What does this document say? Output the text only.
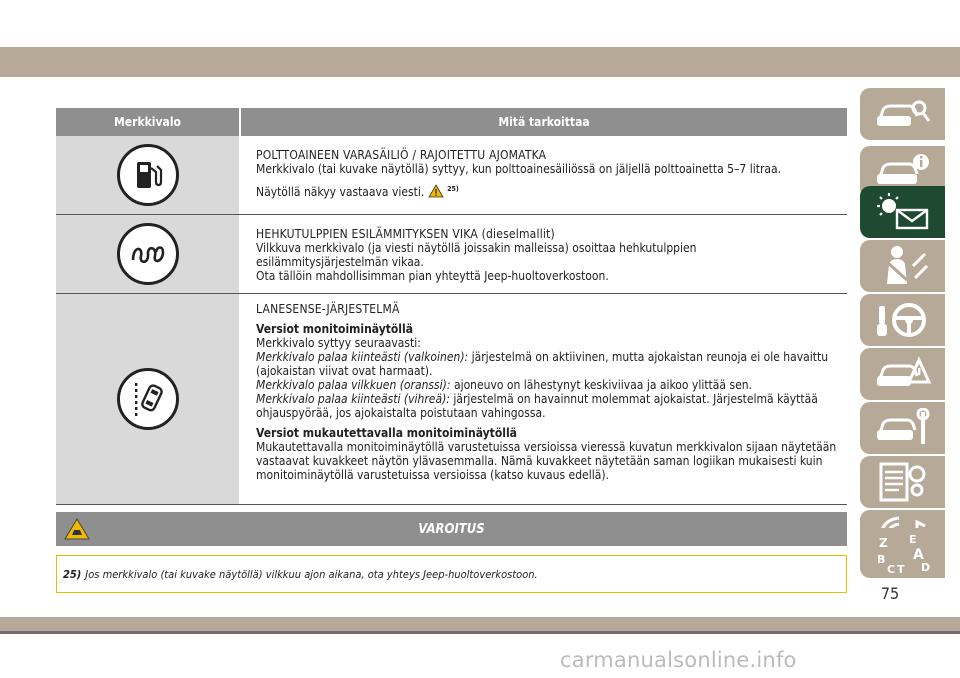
Merkkivalo	Mitä tarkoittaa
POLTTOAINEEN VARASÄILIÖ / RAJOITETTU AJOMATKA
Merkkivalo (tai kuvake näytöllä) syttyy, kun polttoainesäiliössä on jäljellä polttoainetta 5–7 litraa.
Näytöllä näkyy vastaava viesti.	$^{25)}$
HEHKUTULPPIEN ESILÄMMITYKSEN VIKA (dieselmallit)
Vilkkuva merkkivalo (ja viesti näytöllä joissakin malleissa) osoittaa hehkutulppien
esilämmitysjärjestelmän vikaa.
Ota tällöin mahdollisimman pian yhteyttä Jeep-huoltoverkostoon.
LANESENSE-JÄRJESTELMÄ
Versiot monitoiminäytöllä
Merkkivalo syttyy seuraavasti:
Merkkivalo palaa kiinteästi (valkoinen): järjestelmä on aktiivinen, mutta ajokaistan reunoja ei ole havaittu (ajokaistan viivat ovat harmaat).
Merkkivalo palaa vilkkuen (oranssi): ajoneuvo on lähestynyt keskiviivaa ja aikoo ylittää sen.
Merkkivalo palaa kiinteästi (vihreä): järjestelmä on havainnut molemmat ajokaistat. Järjestelmä käyttää ohjauspyörää, jos ajokaistalta poistutaan vahingossa.
Versiot mukautettavalla monitoiminäytöllä
Mukautettavalla monitoiminäytöllä varustetuissa versioissa vieressä kuvatun merkkivalon sijaan näytetään vastaavat kuvakkeet näytön ylävasemmalla. Nämä kuvakkeet näytetään saman logiikan mukaisesti kuin monitoiminäytöllä varustetuissa versioissa (katso kuvaus edellä).
VAROITUS
25) Jos merkkivalo (tai kuvake näytöllä) vilkkuu ajon aikana, ota yhteys Jeep-huoltoverkostoon.
Z E
A
B
C D
T
75
carmanualsonline.info
